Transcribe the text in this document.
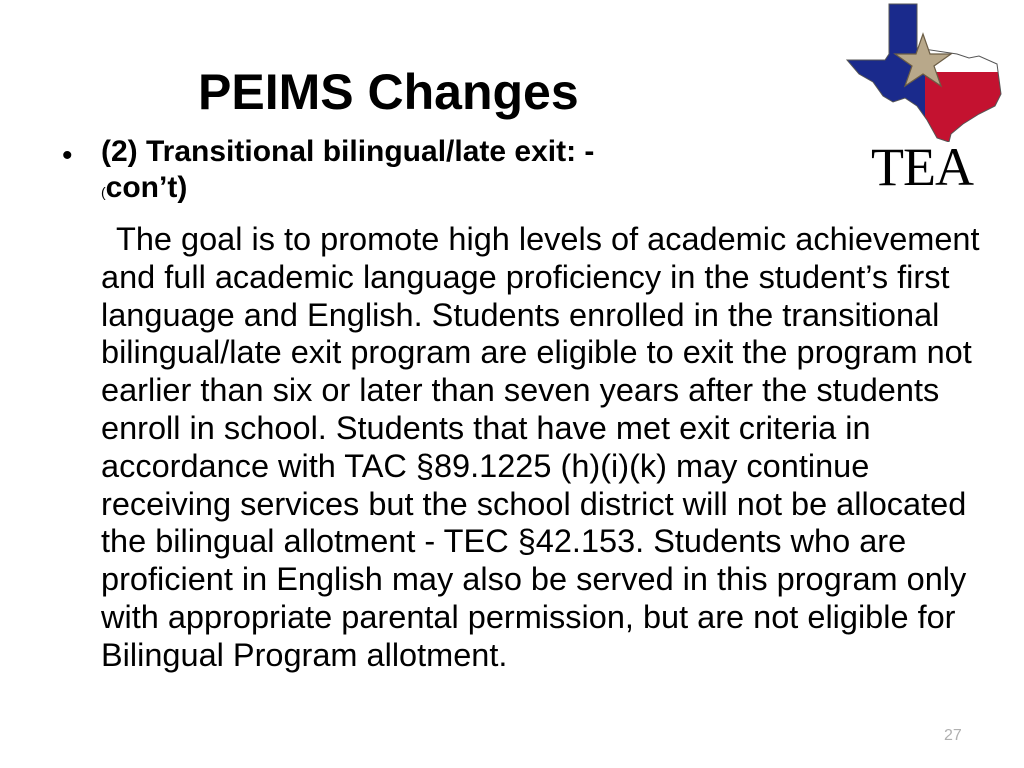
PEIMS Changes
• (2) Transitional bilingual/late exit: -
(con’t)

The goal is to promote high levels of academic achievement and full academic language proficiency in the student’s first language and English. Students enrolled in the transitional bilingual/late exit program are eligible to exit the program not earlier than six or later than seven years after the students enroll in school. Students that have met exit criteria in accordance with TAC §89.1225 (h)(i)(k) may continue receiving services but the school district will not be allocated the bilingual allotment - TEC §42.153. Students who are proficient in English may also be served in this program only with appropriate parental permission, but are not eligible for Bilingual Program allotment.

27
TEA
